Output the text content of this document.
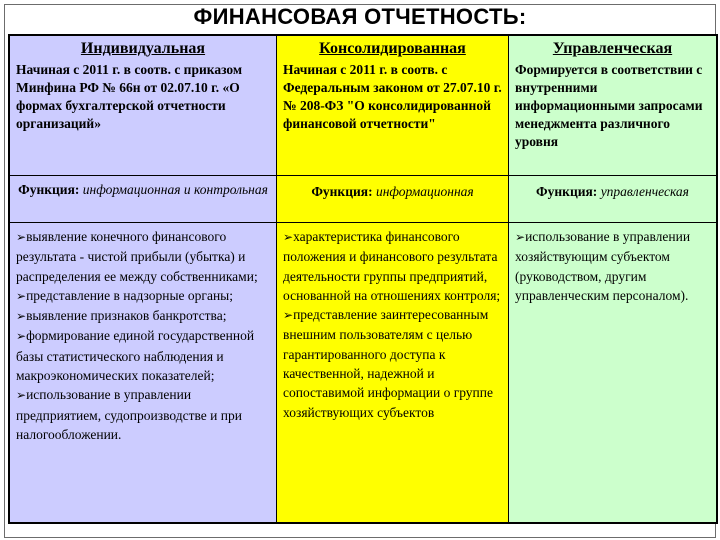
ФИНАНСОВАЯ ОТЧЕТНОСТЬ:
Индивидуальная
Начиная с 2011 г. в соотв. с приказом Минфина РФ № 66н от 02.07.10 г. «О формах бухгалтерской отчетности организаций»
Функция: информационная и контрольная
➢выявление конечного финансового результата - чистой прибыли (убытка) и распределения ее между собственниками;
➢представление в надзорные органы;
➢выявление признаков банкротства;
➢формирование единой государственной базы статистического наблюдения и макроэкономических показателей;
➢использование в управлении предприятием, судопроизводстве и при налогообложении.
Консолидированная
Начиная с 2011 г. в соотв. с Федеральным законом от 27.07.10 г. № 208-ФЗ "О консолидированной финансовой отчетности"
Функция: информационная
➢характеристика финансового положения и финансового результата деятельности группы предприятий, основанной на отношениях контроля;
➢представление заинтересованным внешним пользователям с целью гарантированного доступа к качественной, надежной и сопоставимой информации о группе хозяйствующих субъектов
Управленческая
Формируется в соответствии с внутренними информационными запросами менеджмента различного уровня
Функция: управленческая
➢использование в управлении хозяйствующим субъектом (руководством, другим управленческим персоналом).
